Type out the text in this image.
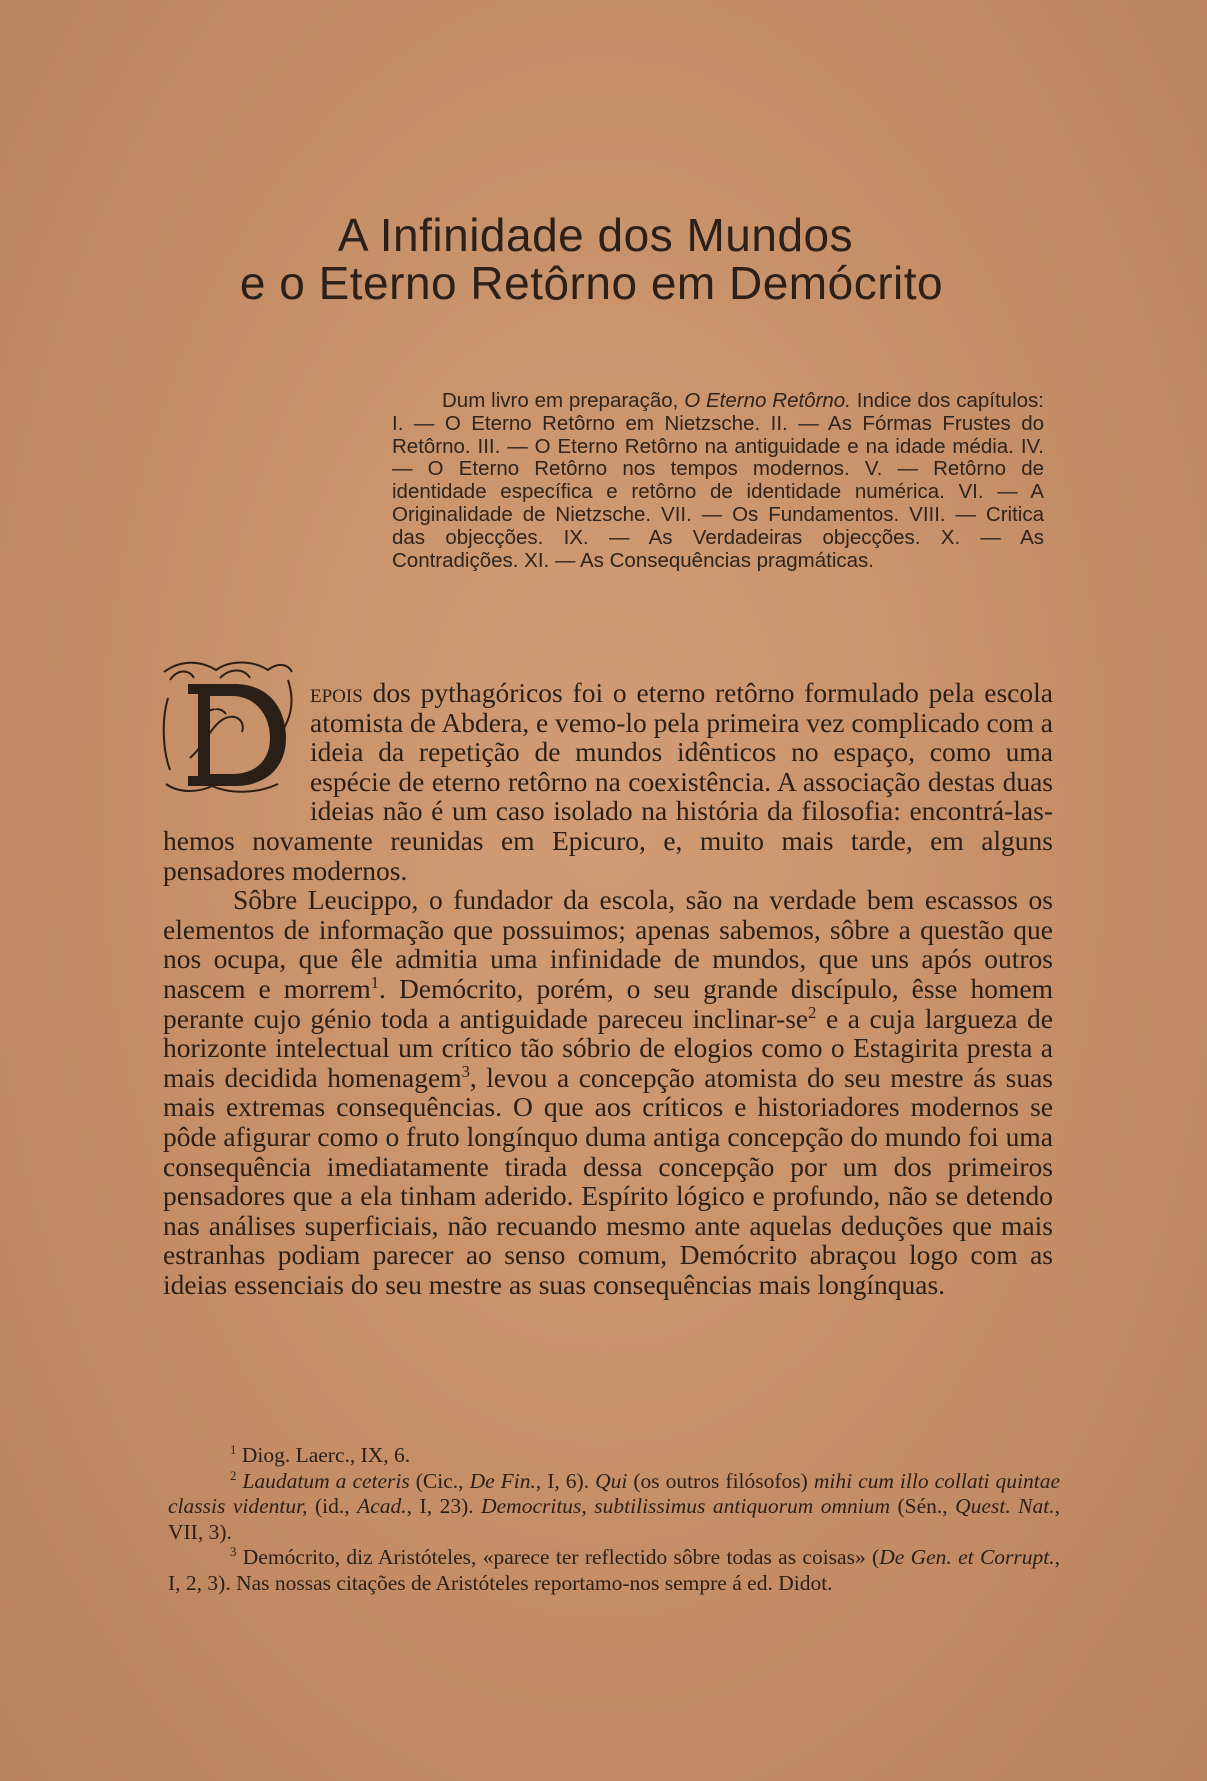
A Infinidade dos Mundos
e o Eterno Retôrno em Demócrito

Dum livro em preparação, O Eterno Retôrno. Indice dos capítulos: I. — O Eterno Retôrno em Nietzsche. II. — As Fórmas Frustes do Retôrno. III. — O Eterno Retôrno na antiguidade e na idade média. IV. — O Eterno Retôrno nos tempos modernos. V. — Retôrno de identidade específica e retôrno de identidade numérica. VI. — A Originalidade de Nietzsche. VII. — Os Fundamentos. VIII. — Critica das objecções. IX. — As Verdadeiras objecções. X. — As Contradições. XI. — As Consequências pragmáticas.

epois dos pythagóricos foi o eterno retôrno formulado pela escola atomista de Abdera, e vemo-lo pela primeira vez complicado com a ideia da repetição de mundos idênticos no espaço, como uma espécie de eterno retôrno na coexistência. A associação destas duas ideias não é um caso isolado na história da filosofia: encontrá-las-hemos novamente reunidas em Epicuro, e, muito mais tarde, em alguns pensadores modernos.

Sôbre Leucippo, o fundador da escola, são na verdade bem escassos os elementos de informação que possuimos; apenas sabemos, sôbre a questão que nos ocupa, que êle admitia uma infinidade de mundos, que uns após outros nascem e morrem$^1$. Demócrito, porém, o seu grande discípulo, êsse homem perante cujo génio toda a antiguidade pareceu inclinar-$se^2$ e a cuja largueza de horizonte intelectual um crítico tão sóbrio de elogios como o Estagirita presta a mais decidida homenagem$^3$, levou a concepção atomista do seu mestre ás suas mais extremas consequências. O que aos críticos e historiadores modernos se pôde afigurar como o fruto longínquo duma antiga concepção do mundo foi uma consequência imediatamente tirada dessa concepção por um dos primeiros pensadores que a ela tinham aderido. Espírito lógico e profundo, não se detendo nas análises superficiais, não recuando mesmo ante aquelas deduções que mais estranhas podiam parecer ao senso comum, Demócrito abraçou logo com as ideias essenciais do seu mestre as suas consequências mais longínquas.

$^1$ Diog. Laerc., IX, 6.

$^2$ Laudatum a ceteris (Cic., De Fin., I, 6). Qui (os outros filósofos) mihi cum illo collati quintae classis videntur, (id., Acad., I, 23). Democritus, subtilissimus antiquorum omnium (Sén., Quest. Nat., VII, 3).

$^3$ Demócrito, diz Aristóteles, «parece ter reflectido sôbre todas as coisas» (De Gen. et Corrupt., I, 2, 3). Nas nossas citações de Aristóteles reportamo-nos sempre á ed. Didot.
